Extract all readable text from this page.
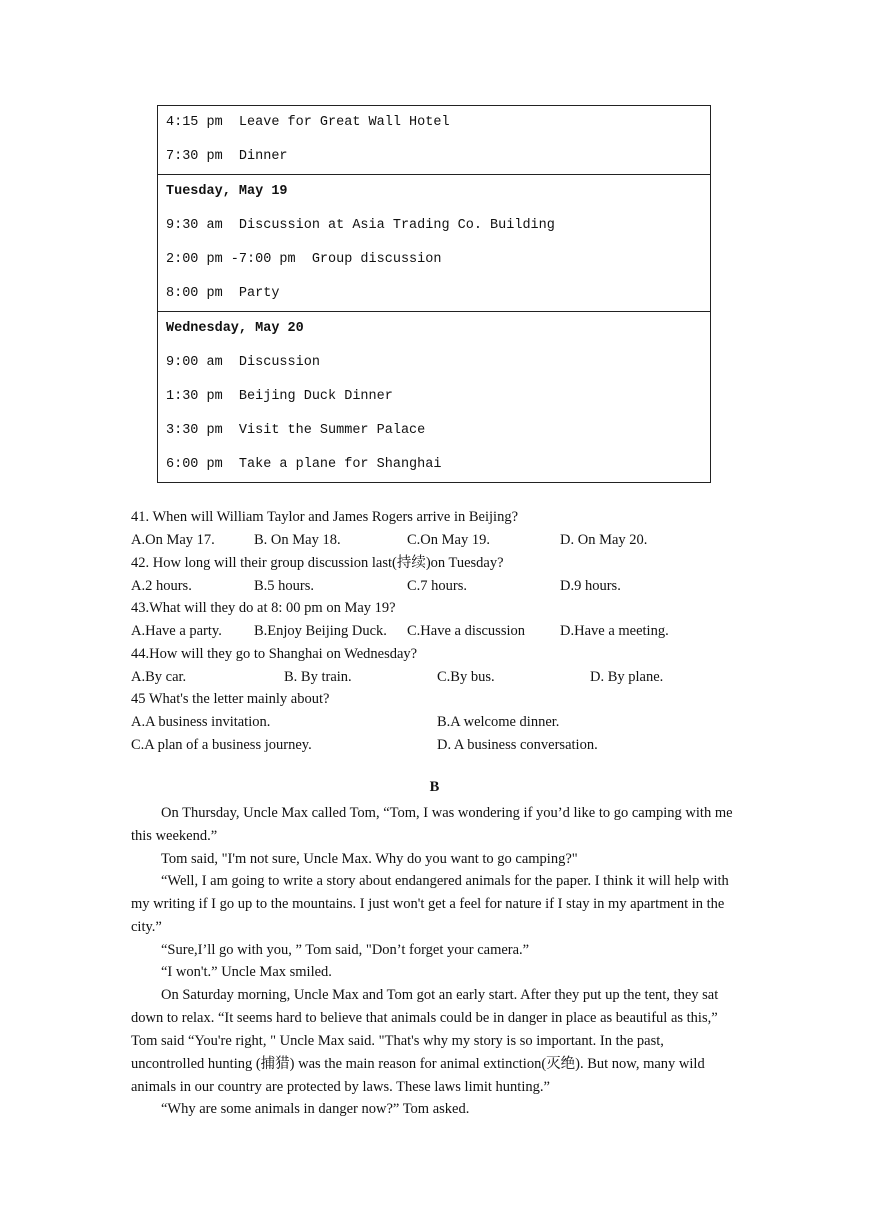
4:15 pm  Leave for Great Wall Hotel
7:30 pm  Dinner
Tuesday, May 19
9:30 am  Discussion at Asia Trading Co. Building
2:00 pm -7:00 pm  Group discussion
8:00 pm  Party
Wednesday, May 20
9:00 am  Discussion
1:30 pm  Beijing Duck Dinner
3:30 pm  Visit the Summer Palace
6:00 pm  Take a plane for Shanghai

41. When will William Taylor and James Rogers arrive in Beijing?

A.On May 17.	B. On May 18.	C.On May 19.	D. On May 20.

42. How long will their group discussion last(持续)on Tuesday?

A.2 hours.	B.5 hours.	C.7 hours.	D.9 hours.

43.What will they do at 8: 00 pm on May 19?

A.Have a party. B.Enjoy Beijing Duck. C.Have a discussion D.Have a meeting.

44.How will they go to Shanghai on Wednesday?

A.By car.	B. By train.	C.By bus.	D. By plane.

45 What's the letter mainly about?

A.A business invitation.	B.A welcome dinner.
C.A plan of a business journey.	D. A business conversation.
B

On Thursday, Uncle Max called Tom, “Tom, I was wondering if you’d like to go camping with me this weekend.”

Tom said, "I'm not sure, Uncle Max. Why do you want to go camping?"

“Well, I am going to write a story about endangered animals for the paper. I think it will help with my writing if I go up to the mountains. I just won't get a feel for nature if I stay in my apartment in the city.”

“Sure,I’ll go with you, ” Tom said, "Don’t forget your camera.”

“I won't.” Uncle Max smiled.

On Saturday morning, Uncle Max and Tom got an early start. After they put up the tent, they sat down to relax. “It seems hard to believe that animals could be in danger in place as beautiful as this,” Tom said “You're right, " Uncle Max said. "That's why my story is so important. In the past, uncontrolled hunting (捕猎) was the main reason for animal extinction(灭绝). But now, many wild animals in our country are protected by laws. These laws limit hunting.”

“Why are some animals in danger now?” Tom asked.
